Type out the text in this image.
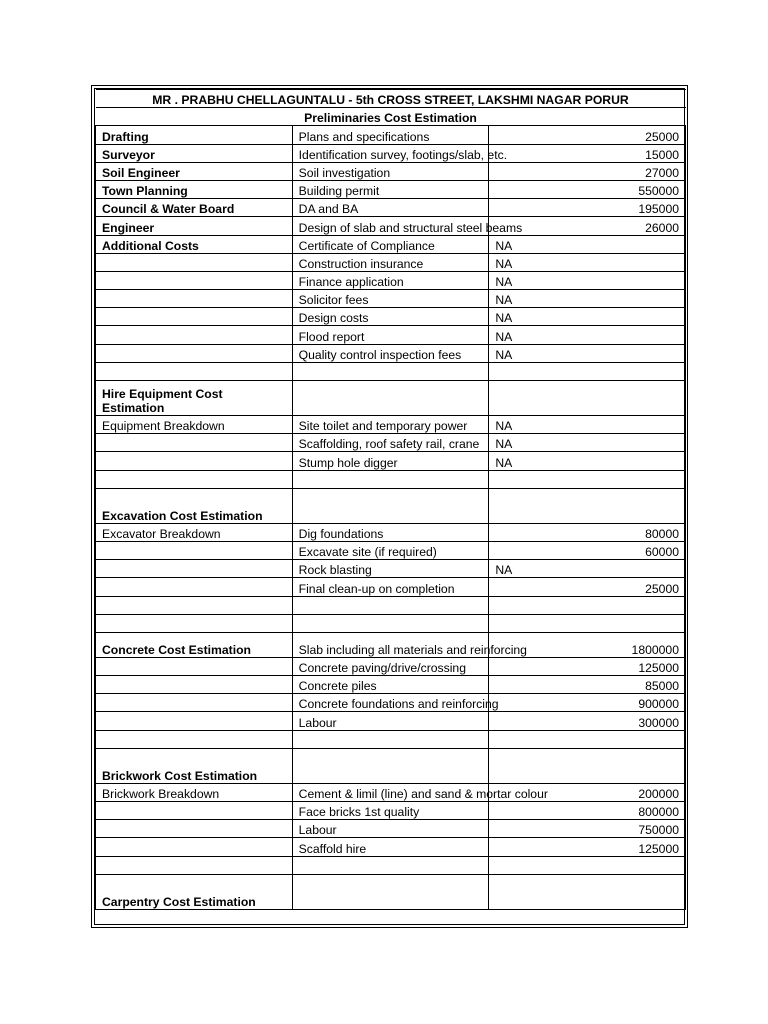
MR . PRABHU CHELLAGUNTALU - 5th CROSS STREET, LAKSHMI NAGAR PORUR		
Preliminaries Cost Estimation		
Drafting	Plans and specifications	25000
Surveyor	Identification survey, footings/slab, etc.	15000
Soil Engineer	Soil investigation	27000
Town Planning	Building permit	550000
Council & Water Board	DA and BA	195000
Engineer	Design of slab and structural steel beams	26000
Additional Costs	Certificate of Compliance	NA
	Construction insurance	NA
	Finance application	NA
	Solicitor fees	NA
	Design costs	NA
	Flood report	NA
	Quality control inspection fees	NA

Hire Equipment Cost Estimation		
Equipment Breakdown	Site toilet and temporary power	NA
	Scaffolding, roof safety rail, crane	NA
	Stump hole digger	NA

Excavation Cost Estimation		
Excavator Breakdown	Dig foundations	80000
	Excavate site (if required)	60000
	Rock blasting	NA
	Final clean-up on completion	25000

Concrete Cost Estimation	Slab including all materials and reinforcing	1800000
	Concrete paving/drive/crossing	125000
	Concrete piles	85000
	Concrete foundations and reinforcing	900000
	Labour	300000

Brickwork Cost Estimation		
Brickwork Breakdown	Cement & limil (line) and sand & mortar colour	200000
	Face bricks 1st quality	800000
	Labour	750000
	Scaffold hire	125000

Carpentry Cost Estimation		
